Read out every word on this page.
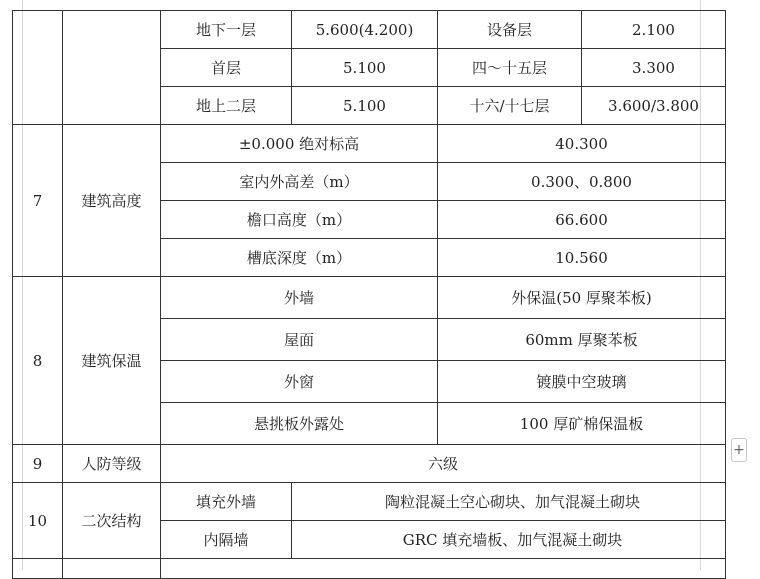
		地下一层	5.600(4.200)	设备层	2.100
		首层	5.100	四～十五层	3.300
		地上二层	5.100	十六/十七层	3.600/3.800
7	建筑高度	±0.000 绝对标高		40.300	
		室内外高差（m）		0.300、0.800	
		檐口高度（m）		66.600	
		槽底深度（m）		10.560	
8	建筑保温	外墙		外保温(50 厚聚苯板)	
		屋面		60mm 厚聚苯板	
		外窗		镀膜中空玻璃	
		悬挑板外露处		100 厚矿棉保温板	
9	人防等级	六级			
10	二次结构	填充外墙	陶粒混凝土空心砌块、加气混凝土砌块		
		内隔墙	GRC 填充墙板、加气混凝土砌块		

+
